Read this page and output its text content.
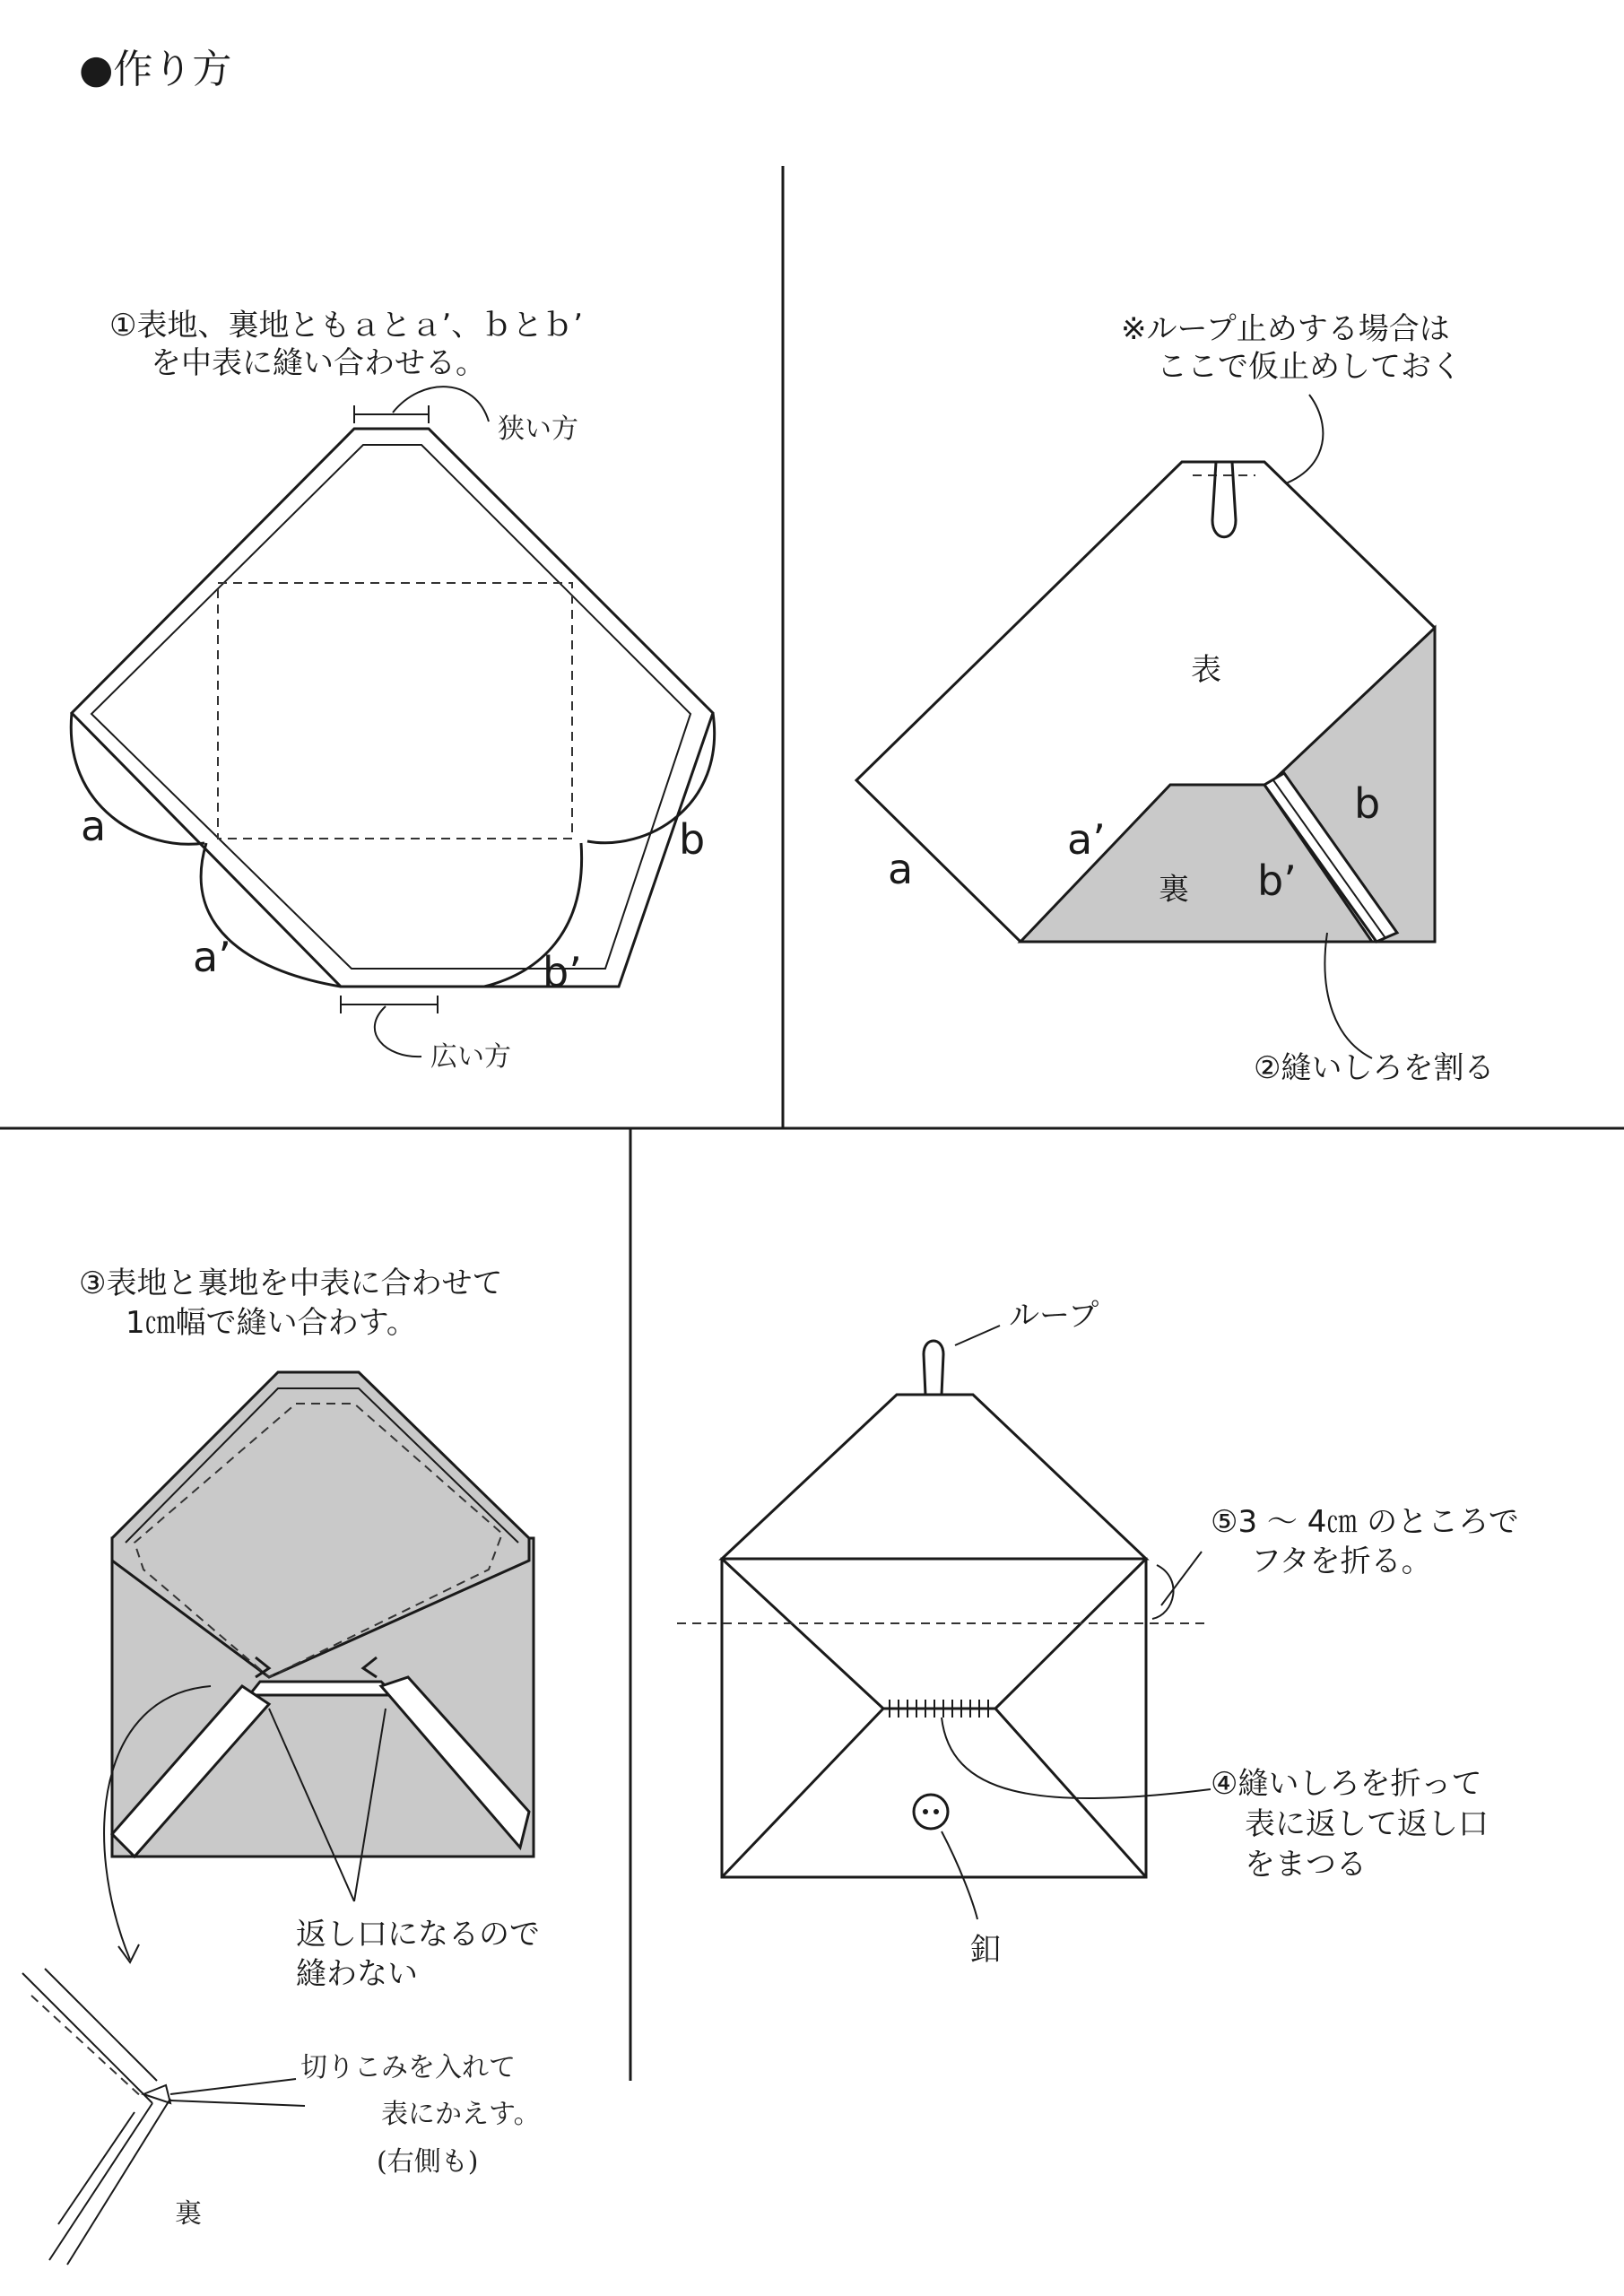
●作り方
①表地、裏地ともａとａ’、ｂとｂ’
を中表に縫い合わせる。
狭い方
広い方
a
a’
b
b’
※ループ止めする場合は
ここで仮止めしておく
表
裏
a
a’
b
b’
②縫いしろを割る
③表地と裏地を中表に合わせて
1㎝幅で縫い合わす。
返し口になるので
縫わない
切りこみを入れて
表にかえす。
(右側も)
裏
ループ
⑤3 ～ 4㎝ のところで
フタを折る。
④縫いしろを折って
表に返して返し口
をまつる
釦
